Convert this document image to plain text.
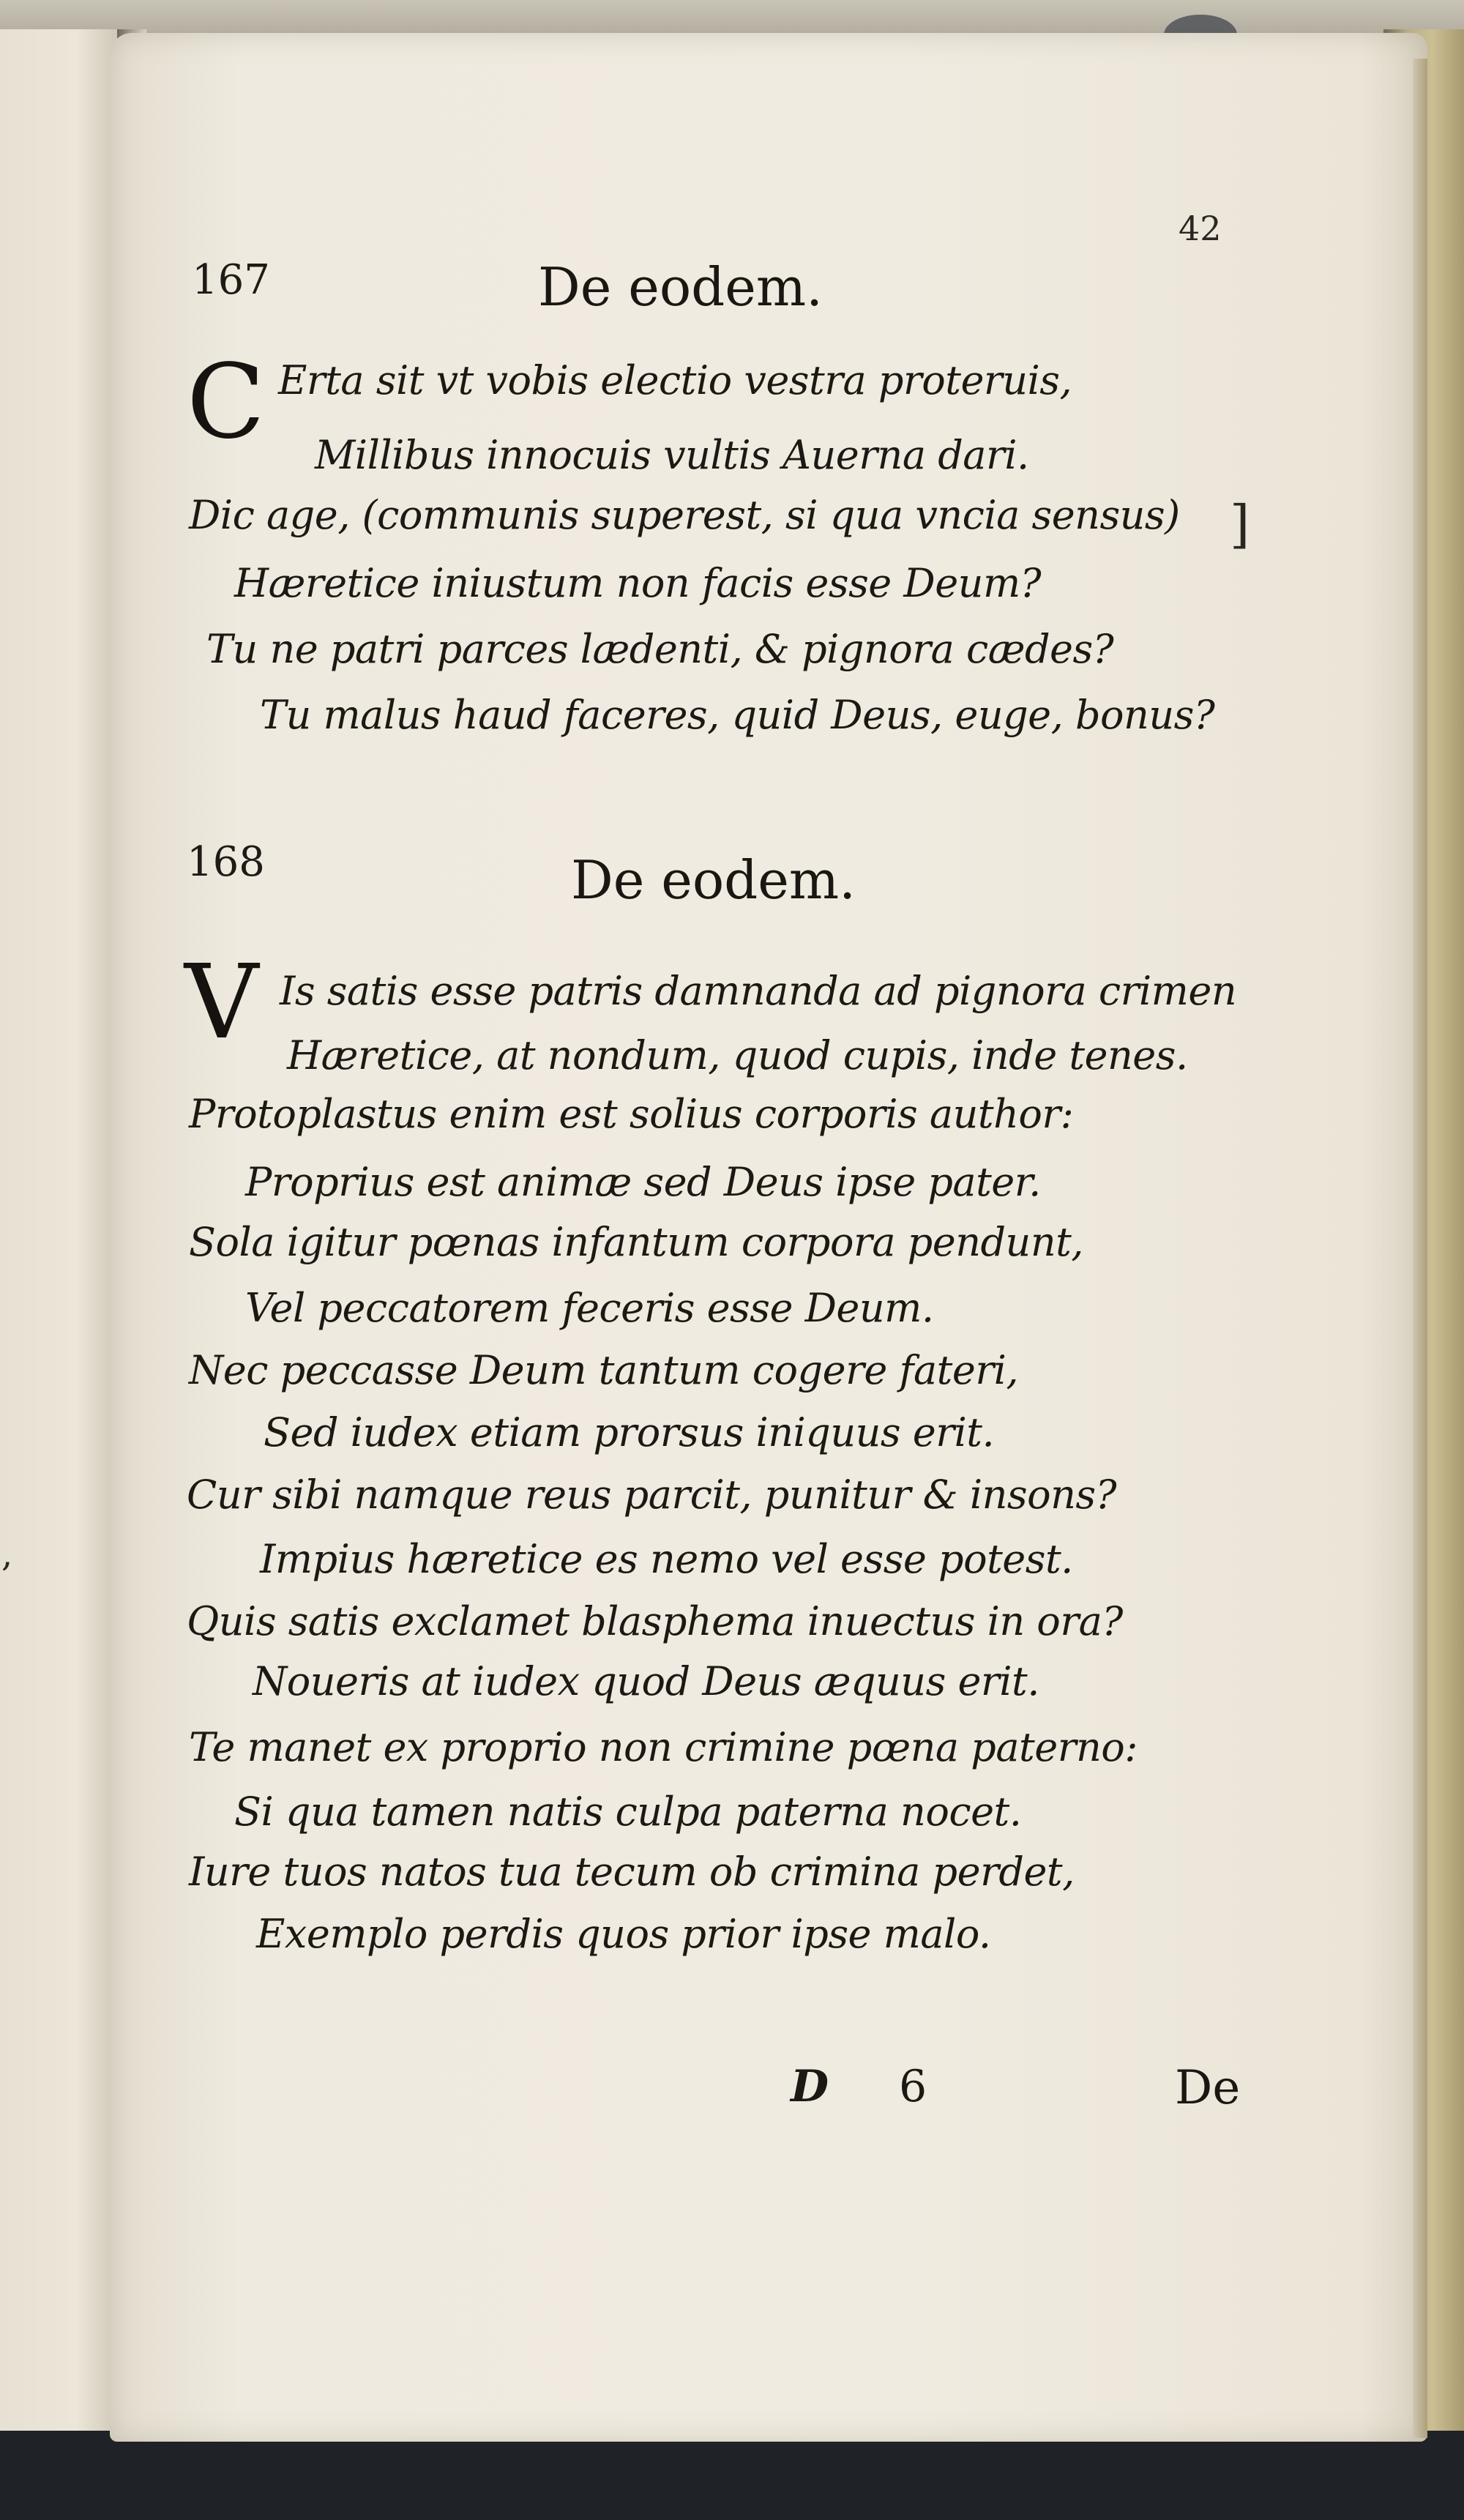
,
42
167	De eodem.
C Erta sit vt vobis electio vestra proteruis,
Millibus innocuis vultis Auerna dari.
Dic age, (communis superest, si qua vncia sensus) ]
Hæretice iniustum non facis esse Deum?
Tu ne patri parces lædenti, & pignora cædes?
Tu malus haud faceres, quid Deus, euge, bonus?
168	De eodem.
V Is satis esse patris damnanda ad pignora crimen
Hæretice, at nondum, quod cupis, inde tenes.
Protoplastus enim est solius corporis author:
Proprius est animæ sed Deus ipse pater.
Sola igitur pœnas infantum corpora pendunt,
Vel peccatorem feceris esse Deum.
Nec peccasse Deum tantum cogere fateri,
Sed iudex etiam prorsus iniquus erit.
Cur sibi namque reus parcit, punitur & insons?
Impius hæretice es nemo vel esse potest.
Quis satis exclamet blasphema inuectus in ora?
Noueris at iudex quod Deus æquus erit.
Te manet ex proprio non crimine pœna paterno:
Si qua tamen natis culpa paterna nocet.
Iure tuos natos tua tecum ob crimina perdet,
Exemplo perdis quos prior ipse malo.
D 6	De
